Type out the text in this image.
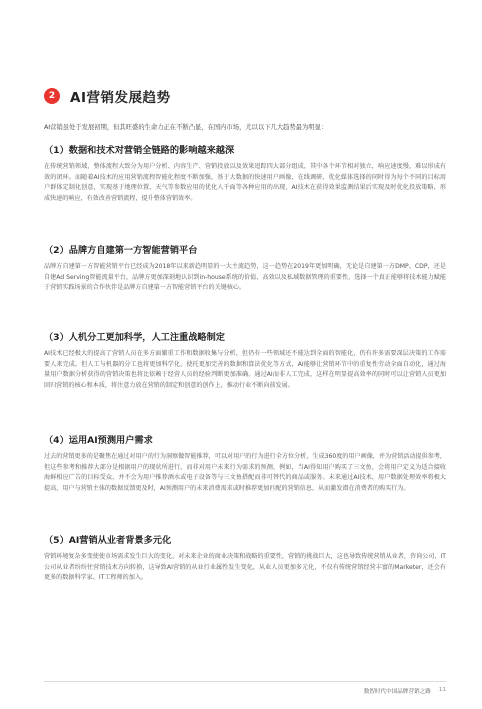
2	AI营销发展趋势

AI营销虽处于发展初期，但其旺盛的生命力正在不断凸显，在国内市场，尤以以下几大趋势最为明显：

（1）数据和技术对营销全链路的影响越来越深

在传统营销领域，整体流程大致分为用户分析、内容生产、营销投放以及效果追踪四大部分组成，其中各个环节相对独立，响应速度慢，难以形成有效的闭环。而随着AI技术的应用营销流程智能化程度不断加强，基于大数据的快速用户画像、在线调研、优化媒体选择的同时得为每个不同的目标用户群体定制化创意，实现基于地理位置、天气等参数应用的优化人千面等各种应用的出现，AI技术在获得效果监测结果后实现及时优化投放策略，形成快速的响应，有效改善营销流程，提升整体营销效率。

（2）品牌方自建第一方智能营销平台

品牌方自建第一方智能营销平台已经成为2018年以来新趋明显的一大主流趋势，这一趋势在2019年更加明确，无论是自建第一方DMP、CDP，还是自建Ad Serving智能流量平台，品牌方更加深刻地认识到in-house系统的价值，高效以及私域数据管理的重要性，选择一个真正能够将技术能力赋能于营销实践场景的合作伙伴是品牌方自建第一方智能营销平台的关键核心。

（3）人机分工更加科学，人工注重战略制定

AI技术已经极大的提高了营销人员在多方面繁重工作和数据收集与分析，但仍有一些领域还不能达到全面的智能化，仍有许多需要深层决策的工作需要人来完成。但人工与机器的分工也将更加科学化，使托更加完善的数据和算法优化等方式，AI能够让营销环节中的重复性劳动全面自动化，通过海量用户数据分析获得的营销决策也将比依赖于经营人员的经验判断更加准确。通过AI而非人工完成，这样在明显提高效率的同时可以让营销人员更加回归营销的核心和本质，将注意力放在营销的制定和创意的创作上，推动行业不断向前发展。

（4）运用AI预测用户需求

过去的营销更多的是聚焦在通过对用户的行为洞察做智能推荐，可以对用户的行为进行全方位分析，生成360度的用户画像，并为营销活动提供参考，但这些参考和推荐大部分是根据用户的现状所进行，而非对用户未来行为需求的预测，例如，当AI得知用户购买了三文鱼，会将用户定义为适合接收海鲜相应广告的目标受众，并不会为用户推荐酒水或电子设备等与三文鱼搭配而非可替代的商品或服务。未来通过AI技术，用户数据处理效率将极大提高，用户与营销主体的数据反馈更及时，AI预测用户的未来消费需求或时推荐更加匹配的营销信息，从而激发潜在消费者的购买行为。

（5）AI营销从业者背景多元化

营销环境复杂多变使使市场需求发生巨大的变化，对未来企业的商业决策和战略的重要性，营销的挑战巨大，这也导致传统营销从业者，咨询公司，IT公司从业者纷纷往营销技术方向转换，这导致AI营销的从业行业属性发生变化，从业人员更加多元化，不仅有传统营销经营丰富的Marketer，还会有更多的数据科学家、IT工程师的加入。

数智时代中国品牌营销之路 11
